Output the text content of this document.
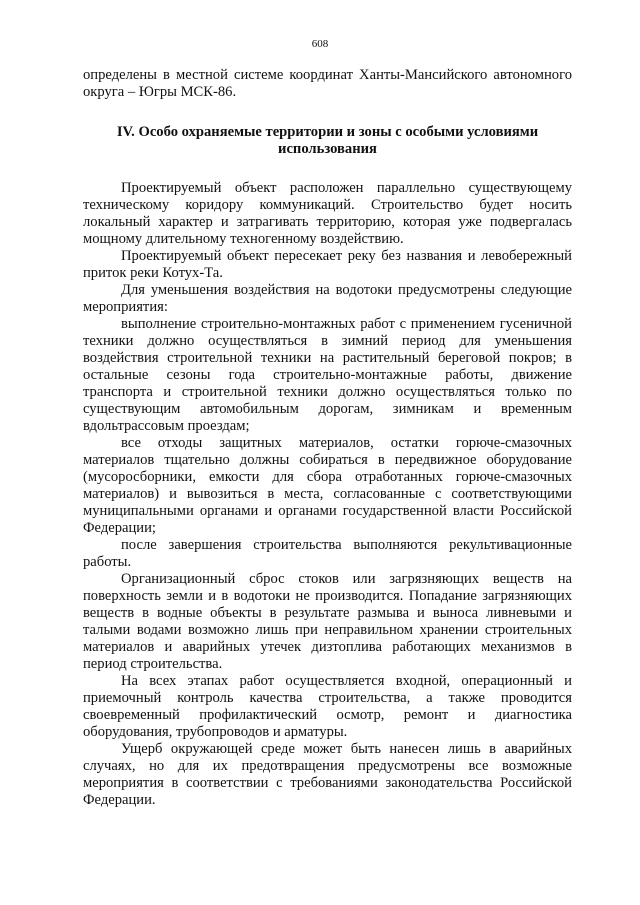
608

определены в местной системе координат Ханты-Мансийского автономного округа – Югры МСК-86.

IV. Особо охраняемые территории и зоны с особыми условиями использования

Проектируемый объект расположен параллельно существующему техническому коридору коммуникаций. Строительство будет носить локальный характер и затрагивать территорию, которая уже подвергалась мощному длительному техногенному воздействию.

Проектируемый объект пересекает реку без названия и левобережный приток реки Котух-Та.

Для уменьшения воздействия на водотоки предусмотрены следующие мероприятия:

выполнение строительно-монтажных работ с применением гусеничной техники должно осуществляться в зимний период для уменьшения воздействия строительной техники на растительный береговой покров; в остальные сезоны года строительно-монтажные работы, движение транспорта и строительной техники должно осуществляться только по существующим автомобильным дорогам, зимникам и временным вдольтрассовым проездам;

все отходы защитных материалов, остатки горюче-смазочных материалов тщательно должны собираться в передвижное оборудование (мусоросборники, емкости для сбора отработанных горюче-смазочных материалов) и вывозиться в места, согласованные с соответствующими муниципальными органами и органами государственной власти Российской Федерации;

после завершения строительства выполняются рекультивационные работы.

Организационный сброс стоков или загрязняющих веществ на поверхность земли и в водотоки не производится. Попадание загрязняющих веществ в водные объекты в результате размыва и выноса ливневыми и талыми водами возможно лишь при неправильном хранении строительных материалов и аварийных утечек дизтоплива работающих механизмов в период строительства.

На всех этапах работ осуществляется входной, операционный и приемочный контроль качества строительства, а также проводится своевременный профилактический осмотр, ремонт и диагностика оборудования, трубопроводов и арматуры.

Ущерб окружающей среде может быть нанесен лишь в аварийных случаях, но для их предотвращения предусмотрены все возможные мероприятия в соответствии с требованиями законодательства Российской Федерации.
